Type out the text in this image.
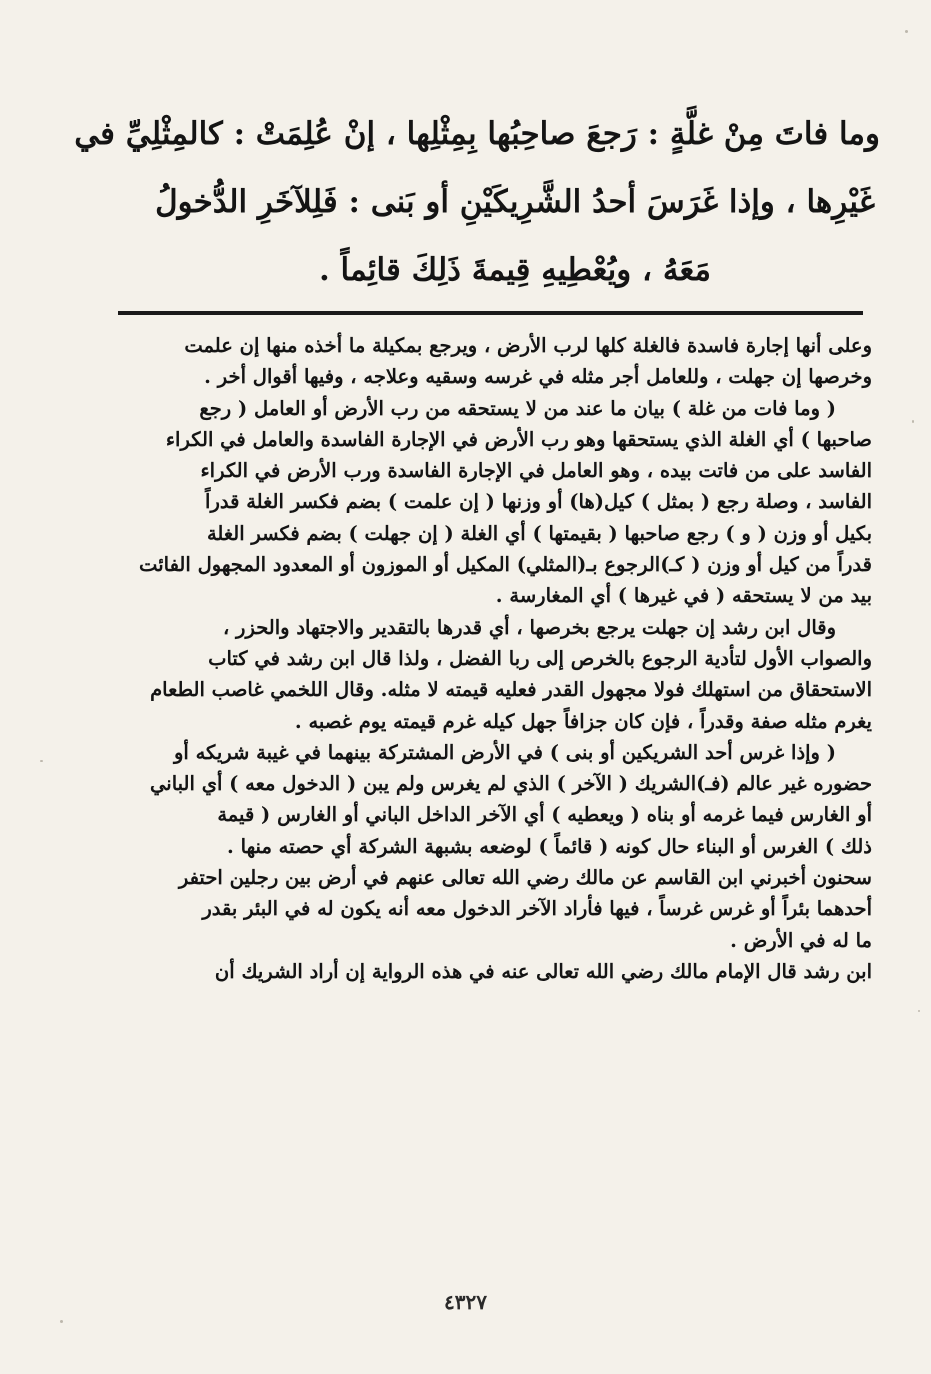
وما فاتَ مِنْ غلَّةٍ : رَجعَ صاحِبُها بِمِثْلِها ، إنْ عُلِمَتْ : كالمِثْلِيِّ في
غَيْرِها ، وإذا غَرَسَ أحدُ الشَّرِيكَيْنِ أو بَنى : فَلِلآخَرِ الدُّخولُ
مَعَهُ ، ويُعْطِيهِ قِيمةَ ذَلِكَ قائِماً .
وعلى أنها إجارة فاسدة فالغلة كلها لرب الأرض ، ويرجع بمكيلة ما أخذه منها إن علمت
وخرصها إن جهلت ، وللعامل أجر مثله في غرسه وسقيه وعلاجه ، وفيها أقوال أخر .
( وما فات من غلة ) بيان ما عند من لا يستحقه من رب الأرض أو العامل ( رجع
صاحبها ) أي الغلة الذي يستحقها وهو رب الأرض في الإجارة الفاسدة والعامل في الكراء
الفاسد على من فاتت بيده ، وهو العامل في الإجارة الفاسدة ورب الأرض في الكراء
الفاسد ، وصلة رجع ( بمثل ) كيل(ها) أو وزنها ( إن علمت ) بضم فكسر الغلة قدراً
بكيل أو وزن ( و ) رجع صاحبها ( بقيمتها ) أي الغلة ( إن جهلت ) بضم فكسر الغلة
قدراً من كيل أو وزن ( كـ)الرجوع بـ(المثلي) المكيل أو الموزون أو المعدود المجهول الفائت
بيد من لا يستحقه ( في غيرها ) أي المغارسة .
وقال ابن رشد إن جهلت يرجع بخرصها ، أي قدرها بالتقدير والاجتهاد والحزر ،
والصواب الأول لتأدية الرجوع بالخرص إلى ربا الفضل ، ولذا قال ابن رشد في كتاب
الاستحقاق من استهلك فولا مجهول القدر فعليه قيمته لا مثله. وقال اللخمي غاصب الطعام
يغرم مثله صفة وقدراً ، فإن كان جزافاً جهل كيله غرم قيمته يوم غصبه .
( وإذا غرس أحد الشريكين أو بنى ) في الأرض المشتركة بينهما في غيبة شريكه أو
حضوره غير عالم (فـ)الشريك ( الآخر ) الذي لم يغرس ولم يبن ( الدخول معه ) أي الباني
أو الغارس فيما غرمه أو بناه ( ويعطيه ) أي الآخر الداخل الباني أو الغارس ( قيمة
ذلك ) الغرس أو البناء حال كونه ( قائماً ) لوضعه بشبهة الشركة أي حصته منها .
سحنون أخبرني ابن القاسم عن مالك رضي الله تعالى عنهم في أرض بين رجلين احتفر
أحدهما بئراً أو غرس غرساً ، فيها فأراد الآخر الدخول معه أنه يكون له في البئر بقدر
ما له في الأرض .
ابن رشد قال الإمام مالك رضي الله تعالى عنه في هذه الرواية إن أراد الشريك أن
٤٣٢٧
